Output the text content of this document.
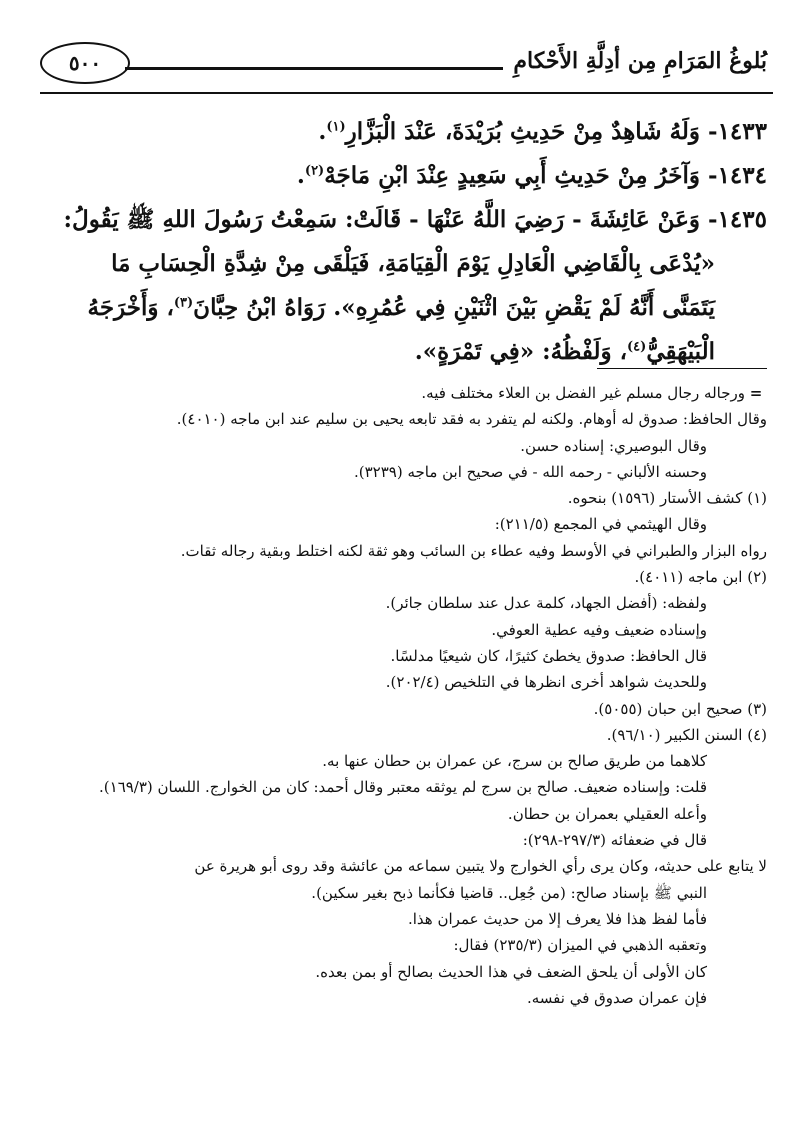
بُلوغُ المَرَامِ مِن أدِلَّةِ الأَحْكامِ
٥٠٠

١٤٣٣- وَلَهُ شَاهِدٌ مِنْ حَدِيثِ بُرَيْدَةَ، عَنْدَ الْبَزَّارِ$^{(١)}$.

١٤٣٤- وَآخَرُ مِنْ حَدِيثِ أَبِي سَعِيدٍ عِنْدَ ابْنِ مَاجَهْ$^{(٢)}$.

١٤٣٥- وَعَنْ عَائِشَةَ - رَضِيَ اللَّهُ عَنْهَا - قَالَتْ: سَمِعْتُ رَسُولَ اللهِ ﷺ يَقُولُ:

«يُدْعَى بِالْقَاضِي الْعَادِلِ يَوْمَ الْقِيَامَةِ، فَيَلْقَى مِنْ شِدَّةِ الْحِسَابِ مَا

يَتَمَنَّى أَنَّهُ لَمْ يَقْضِ بَيْنَ اثْنَيْنِ فِي عُمُرِهِ». رَوَاهُ ابْنُ حِبَّانَ$^{(٣)}$، وَأَخْرَجَهُ

الْبَيْهَقِيُّ$^{(٤)}$، وَلَفْظُهُ: «فِي تَمْرَةٍ».

=ورجاله رجال مسلم غير الفضل بن العلاء مختلف فيه.

وقال الحافظ: صدوق له أوهام. ولكنه لم يتفرد به فقد تابعه يحيى بن سليم عند ابن ماجه (٤٠١٠).

وقال البوصيري: إسناده حسن.

وحسنه الألباني - رحمه الله - في صحيح ابن ماجه (٣٢٣٩).

(١) كشف الأستار (١٥٩٦) بنحوه.

وقال الهيثمي في المجمع (٢١١/٥):

رواه البزار والطبراني في الأوسط وفيه عطاء بن السائب وهو ثقة لكنه اختلط وبقية رجاله ثقات.

(٢) ابن ماجه (٤٠١١).

ولفظه: (أفضل الجهاد، كلمة عدل عند سلطان جائر).

وإسناده ضعيف وفيه عطية العوفي.

قال الحافظ: صدوق يخطئ كثيرًا، كان شيعيًا مدلسًا.

وللحديث شواهد أخرى انظرها في التلخيص (٢٠٢/٤).

(٣) صحيح ابن حبان (٥٠٥٥).

(٤) السنن الكبير (٩٦/١٠).

كلاهما من طريق صالح بن سرج، عن عمران بن حطان عنها به.

قلت: وإسناده ضعيف. صالح بن سرج لم يوثقه معتبر وقال أحمد: كان من الخوارج. اللسان (١٦٩/٣).

وأعله العقيلي بعمران بن حطان.

قال في ضعفائه (٢٩٧/٣-٢٩٨):

لا يتابع على حديثه، وكان يرى رأي الخوارج ولا يتبين سماعه من عائشة وقد روى أبو هريرة عن

النبي ﷺ بإسناد صالح: (من جُعِل.. قاضيا فكأنما ذبح بغير سكين).

فأما لفظ هذا فلا يعرف إلا من حديث عمران هذا.

وتعقبه الذهبي في الميزان (٢٣٥/٣) فقال:

كان الأولى أن يلحق الضعف في هذا الحديث بصالح أو بمن بعده.

فإن عمران صدوق في نفسه.
